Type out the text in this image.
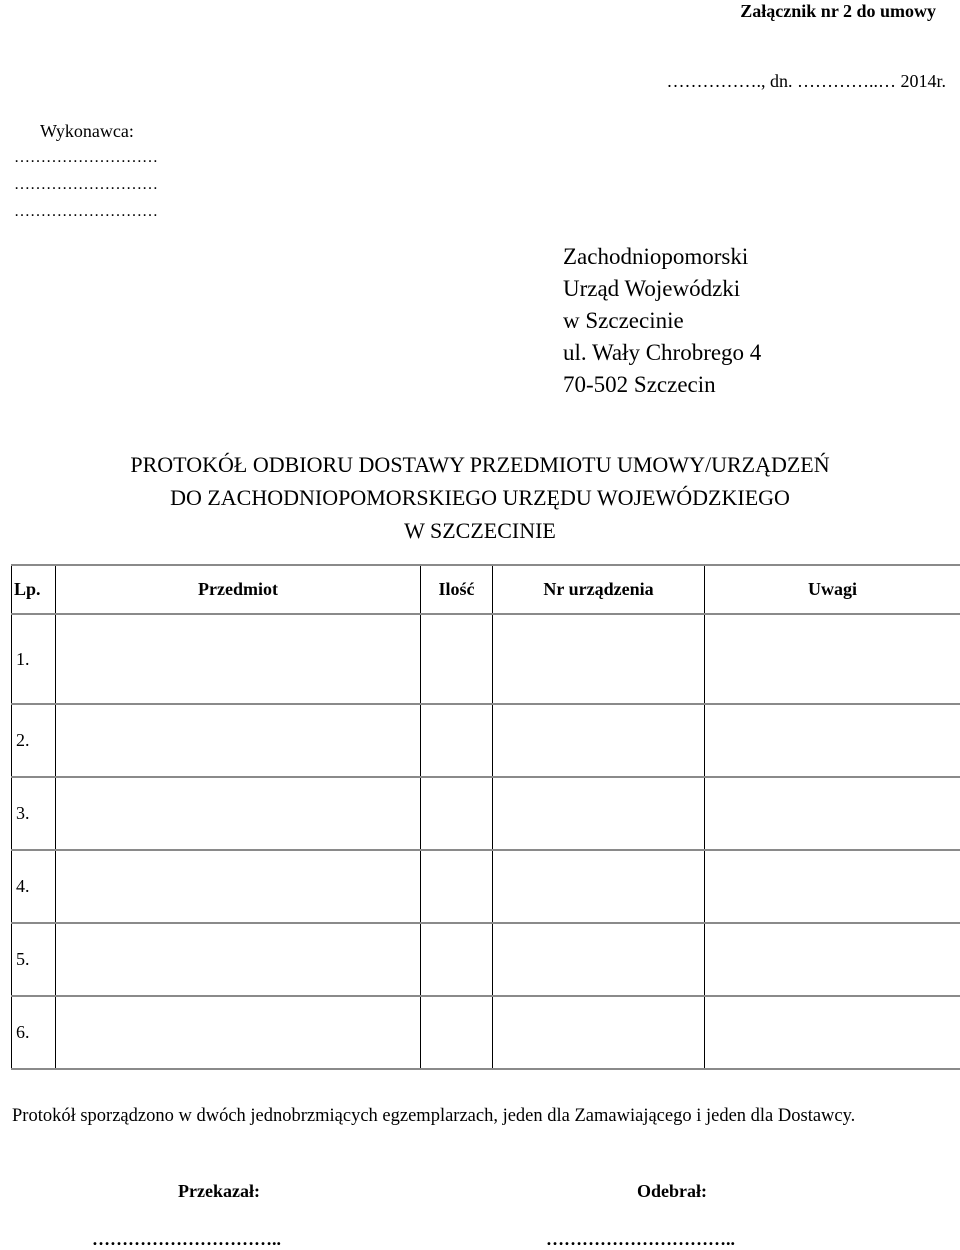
Załącznik nr 2 do umowy
……………., dn. …………..… 2014r.
Wykonawca:
………………………
………………………
………………………
Zachodniopomorski
Urząd Wojewódzki
w Szczecinie
ul. Wały Chrobrego 4
70-502 Szczecin
PROTOKÓŁ ODBIORU DOSTAWY PRZEDMIOTU UMOWY/URZĄDZEŃ
DO ZACHODNIOPOMORSKIEGO URZĘDU WOJEWÓDZKIEGO
W SZCZECINIE
Lp.	Przedmiot	Ilość	Nr urządzenia	Uwagi
1.				
2.				
3.				
4.				
5.				
6.				
Protokół sporządzono w dwóch jednobrzmiących egzemplarzach, jeden dla Zamawiającego i jeden dla Dostawcy.
Przekazał:	Odebrał:
…………………………..	…………………………..
